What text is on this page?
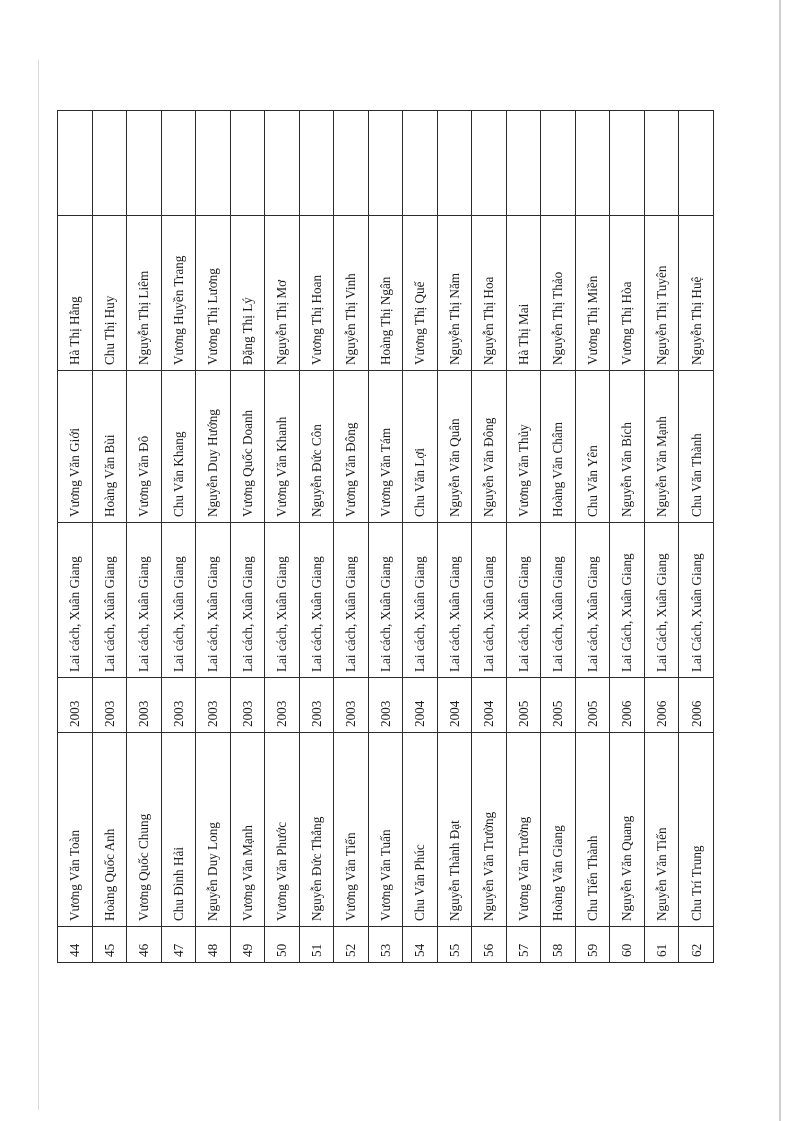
44	Vương Văn Toàn	2003	Lai cách, Xuân Giang	Vương Văn Giới	Hà Thị Hằng	
45	Hoàng Quốc Anh	2003	Lai cách, Xuân Giang	Hoàng Văn Bùi	Chu Thị Huy	
46	Vương Quốc Chung	2003	Lai cách, Xuân Giang	Vương Văn Đô	Nguyễn Thị Liêm	
47	Chu Đình Hải	2003	Lai cách, Xuân Giang	Chu Văn Khang	Vương Huyền Trang	
48	Nguyễn Duy Long	2003	Lai cách, Xuân Giang	Nguyễn Duy Hướng	Vương Thị Lương	
49	Vương Văn Mạnh	2003	Lai cách, Xuân Giang	Vương Quốc Doanh	Đặng Thị Lý	
50	Vương Văn Phước	2003	Lai cách, Xuân Giang	Vương Văn Khanh	Nguyễn Thị Mơ	
51	Nguyễn Đức Thắng	2003	Lai cách, Xuân Giang	Nguyễn Đức Côn	Vương Thị Hoan	
52	Vương Văn Tiến	2003	Lai cách, Xuân Giang	Vương Văn Đông	Nguyễn Thị Vinh	
53	Vương Văn Tuấn	2003	Lai cách, Xuân Giang	Vương Văn Tám	Hoàng Thị Ngân	
54	Chu Văn Phúc	2004	Lai cách, Xuân Giang	Chu Văn Lợi	Vương Thị Quế	
55	Nguyễn Thành Đạt	2004	Lai cách, Xuân Giang	Nguyễn Văn Quân	Nguyễn Thị Năm	
56	Nguyễn Văn Trường	2004	Lai cách, Xuân Giang	Nguyễn Văn Đông	Nguyễn Thị Hoa	
57	Vương Văn Trường	2005	Lai cách, Xuân Giang	Vương Văn Thủy	Hà Thị Mai	
58	Hoàng Văn Giang	2005	Lai cách, Xuân Giang	Hoàng Văn Châm	Nguyễn Thị Thảo	
59	Chu Tiến Thành	2005	Lai cách, Xuân Giang	Chu Văn Yên	Vương Thị Miền	
60	Nguyễn Văn Quang	2006	Lai Cách, Xuân Giang	Nguyễn Văn Bích	Vương Thị Hòa	
61	Nguyễn Văn Tiến	2006	Lai Cách, Xuân Giang	Nguyễn Văn Mạnh	Nguyễn Thị Tuyên	
62	Chu Trí Trung	2006	Lai Cách, Xuân Giang	Chu Văn Thành	Nguyễn Thị Huệ	
